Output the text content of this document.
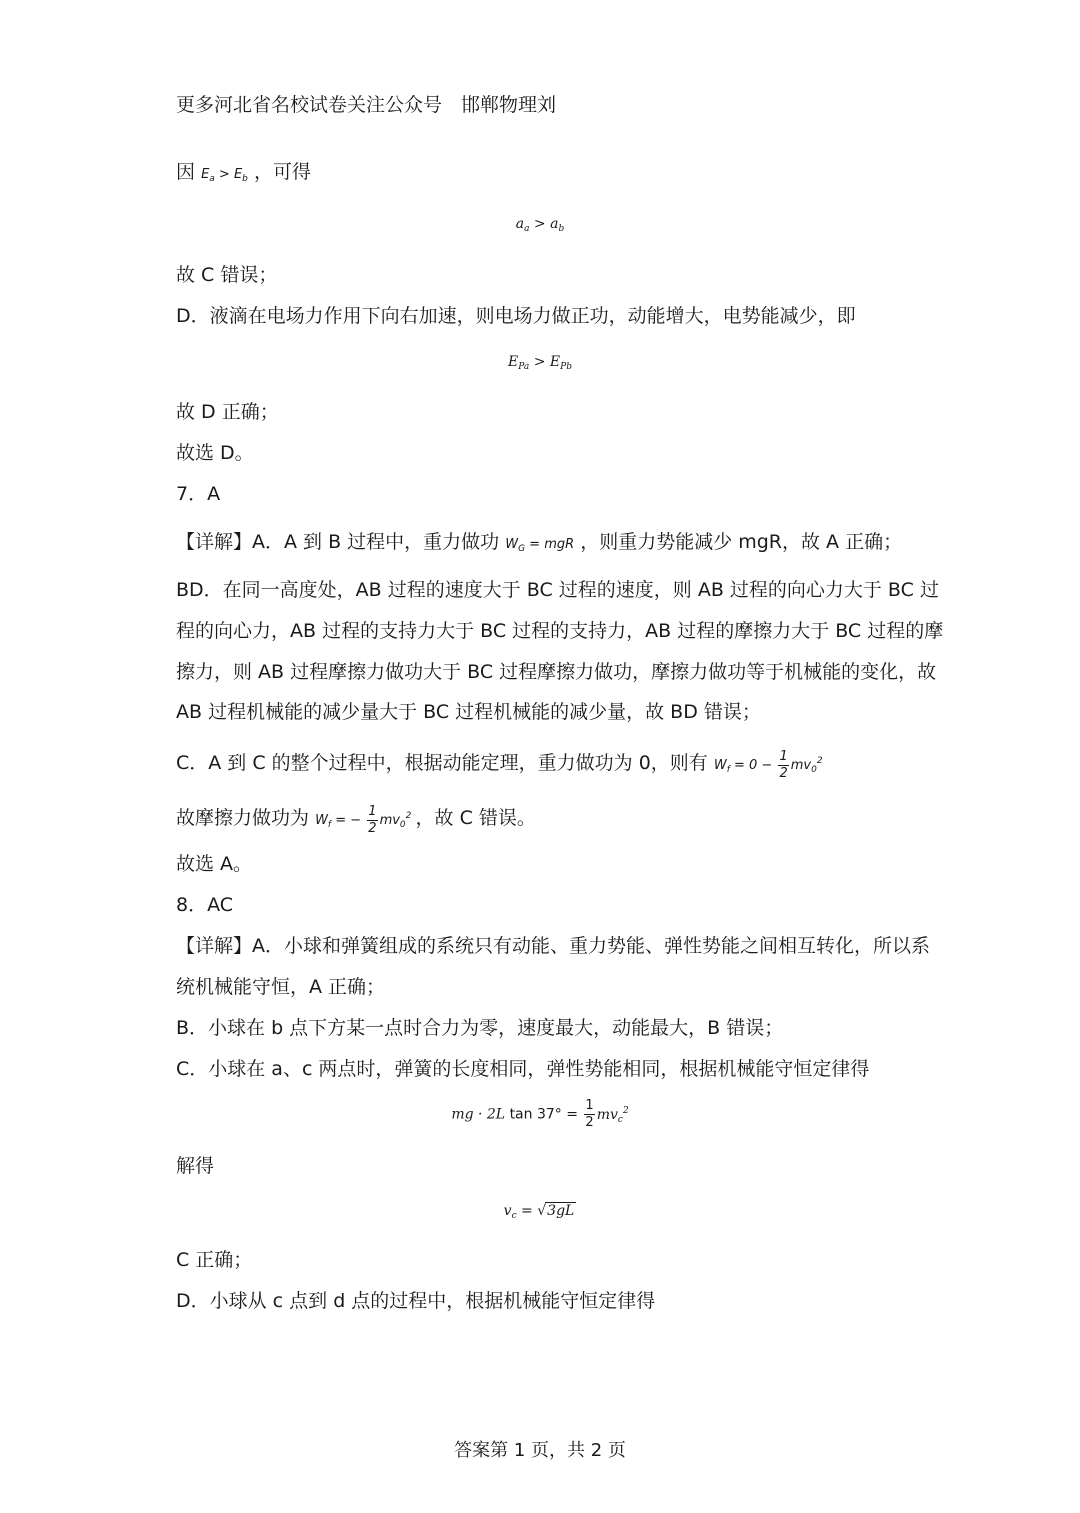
更多河北省名校试卷关注公众号　邯郸物理刘
因 $E_a > E_b$ ，可得
$a_a > a_b$
故 C 错误；
D．液滴在电场力作用下向右加速，则电场力做正功，动能增大，电势能减少，即
$E_{Pa} > E_{Pb}$
故 D 正确；
故选 D。
7．A
【详解】A．A 到 B 过程中，重力做功 $W_G$ = mgR ，则重力势能减少 mgR，故 A 正确；
BD．在同一高度处，AB 过程的速度大于 BC 过程的速度，则 AB 过程的向心力大于 BC 过
程的向心力，AB 过程的支持力大于 BC 过程的支持力，AB 过程的摩擦力大于 BC 过程的摩
擦力，则 AB 过程摩擦力做功大于 BC 过程摩擦力做功，摩擦力做功等于机械能的变化，故
AB 过程机械能的减少量大于 BC 过程机械能的减少量，故 BD 错误；
C．A 到 C 的整个过程中，根据动能定理，重力做功为 0，则有 $W_f = 0 - \frac{1}{2} mv_0^2$
故摩擦力做功为 $W_f$ = − $\frac{1}{2} mv_0^2$ ，故 C 错误。
故选 A。
8．AC
【详解】A．小球和弹簧组成的系统只有动能、重力势能、弹性势能之间相互转化，所以系
统机械能守恒，A 正确；
B．小球在 b 点下方某一点时合力为零，速度最大，动能最大，B 错误；
C．小球在 a、c 两点时，弹簧的长度相同，弹性势能相同，根据机械能守恒定律得
mg · 2L $\tan 37^\circ = \frac{1}{2} mv_c^2$
解得
$v_c = √3gL$
C 正确；
D．小球从 c 点到 d 点的过程中，根据机械能守恒定律得
答案第 1 页，共 2 页
